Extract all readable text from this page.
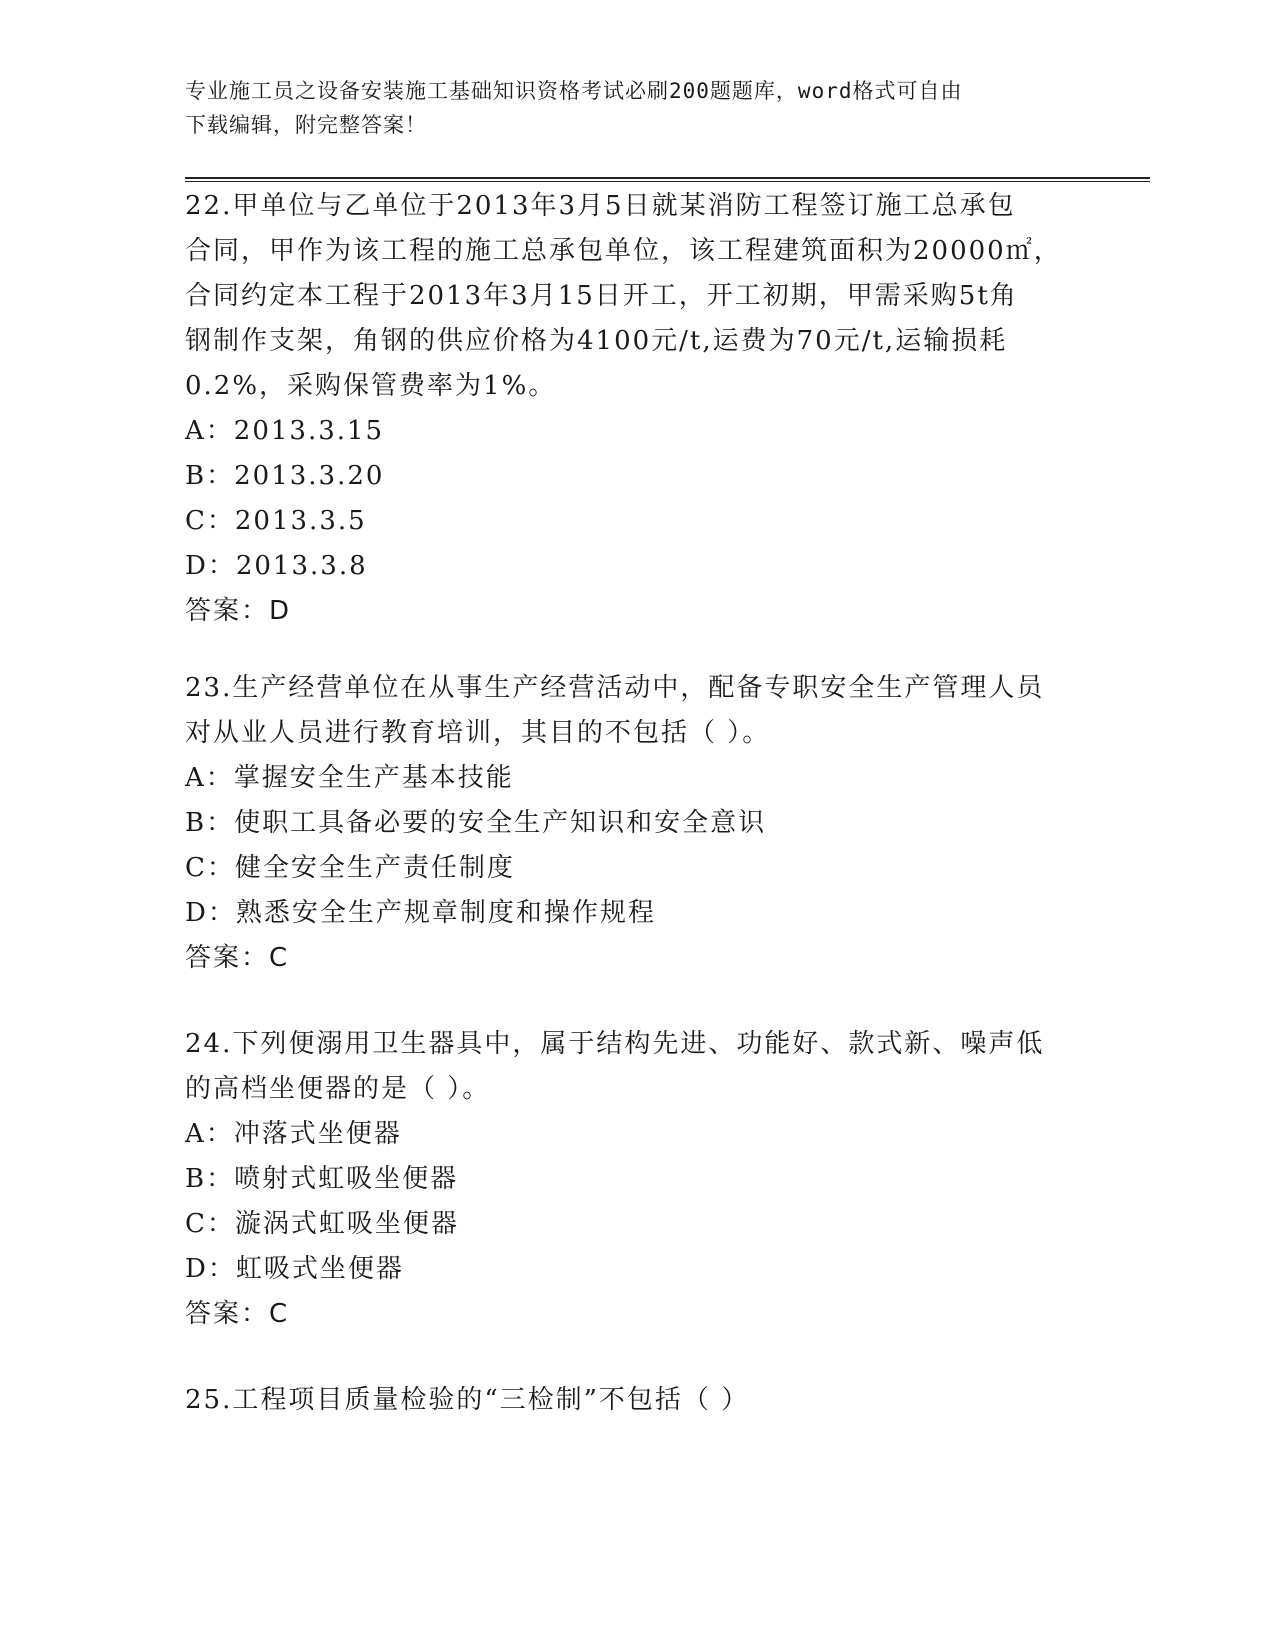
专业施工员之设备安装施工基础知识资格考试必刷200题题库，word格式可自由
下载编辑，附完整答案！
22.甲单位与乙单位于2013年3月5日就某消防工程签订施工总承包
合同，甲作为该工程的施工总承包单位，该工程建筑面积为20000㎡，
合同约定本工程于2013年3月15日开工，开工初期，甲需采购5t角
钢制作支架，角钢的供应价格为4100元/t,运费为70元/t,运输损耗
0.2%，采购保管费率为1%。
A：2013.3.15
B：2013.3.20
C：2013.3.5
D：2013.3.8
答案：D
23.生产经营单位在从事生产经营活动中，配备专职安全生产管理人员
对从业人员进行教育培训，其目的不包括（ ）。
A：掌握安全生产基本技能
B：使职工具备必要的安全生产知识和安全意识
C：健全安全生产责任制度
D：熟悉安全生产规章制度和操作规程
答案：C
24.下列便溺用卫生器具中，属于结构先进、功能好、款式新、噪声低
的高档坐便器的是（ ）。
A：冲落式坐便器
B：喷射式虹吸坐便器
C：漩涡式虹吸坐便器
D：虹吸式坐便器
答案：C
25.工程项目质量检验的“三检制”不包括（ ）
